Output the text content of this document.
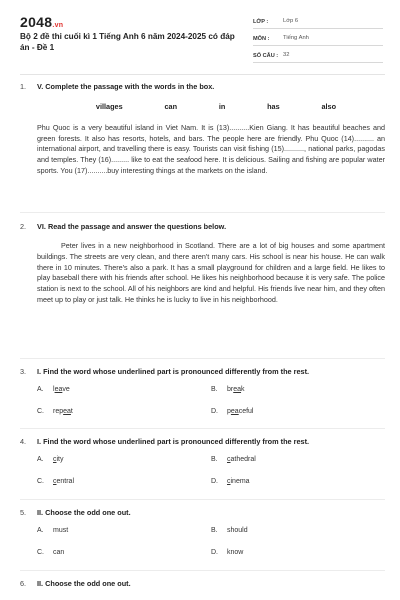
2048.vn
Bộ 2 đề thi cuối kì 1 Tiếng Anh 6 năm 2024-2025 có đáp án - Đề 1
LỚP :	Lớp 6
MÔN :	Tiếng Anh
SỐ CÂU : 32
1.	V. Complete the passage with the words in the box.
villages	can	in	has	also
Phu Quoc is a very beautiful island in Viet Nam. It is (13)..........Kien Giang. It has beautiful beaches and green forests. It also has resorts, hotels, and bars. The people here are friendly. Phu Quoc (14).......... an international airport, and travelling there is easy. Tourists can visit fishing (15).........., national parks, pagodas and temples. They (16)......... like to eat the seafood here. It is delicious. Sailing and fishing are popular water sports. You (17)..........buy interesting things at the markets on the island.
2.	VI. Read the passage and answer the questions below.
Peter lives in a new neighborhood in Scotland. There are a lot of big houses and some apartment buildings. The streets are very clean, and there aren't many cars. His school is near his house. He can walk there in 10 minutes. There's also a park. It has a small playground for children and a large field. He likes to play baseball there with his friends after school. He likes his neighborhood because it is very safe. The police station is next to the school. All of his neighbors are kind and helpful. His friends live near him, and they often meet up to play or just talk. He thinks he is lucky to live in his neighborhood.
3.	I. Find the word whose underlined part is pronounced differently from the rest.
A.	leave	B.	break
C.	repeat	D.	peaceful
4.	I. Find the word whose underlined part is pronounced differently from the rest.
A.	city	B.	cathedral
C.	central	D.	cinema
5.	II. Choose the odd one out.
A.	must	B.	should
C.	can	D.	know
6.	II. Choose the odd one out.
